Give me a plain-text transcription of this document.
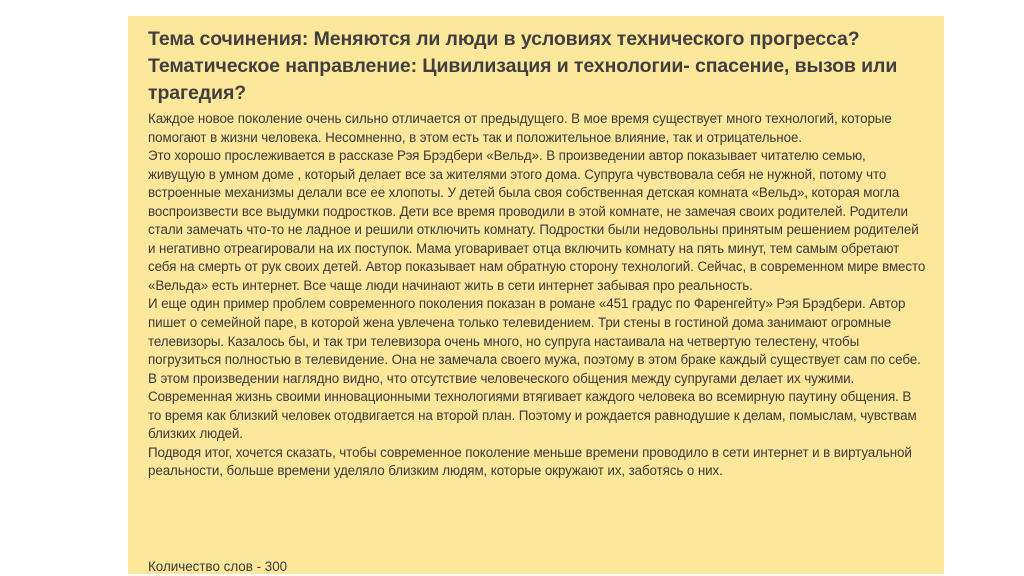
Тема сочинения: Меняются ли люди в условиях технического прогресса?
Тематическое направление: Цивилизация и технологии- спасение, вызов или трагедия?

Каждое новое поколение очень сильно отличается от предыдущего. В мое время существует много технологий, которые помогают в жизни человека. Несомненно, в этом есть так и положительное влияние, так и отрицательное.

Это хорошо прослеживается в рассказе Рэя Брэдбери «Вельд». В произведении автор показывает читателю семью, живущую в умном доме , который делает все за жителями этого дома. Супруга чувствовала себя не нужной, потому что встроенные механизмы делали все ее хлопоты. У детей была своя собственная детская комната «Вельд», которая могла воспроизвести все выдумки подростков. Дети все время проводили в этой комнате, не замечая своих родителей. Родители стали замечать что-то не ладное и решили отключить комнату. Подростки были недовольны принятым решением родителей и негативно отреагировали на их поступок. Мама уговаривает отца включить комнату на пять минут, тем самым обретают себя на смерть от рук своих детей. Автор показывает нам обратную сторону технологий. Сейчас, в современном мире вместо «Вельда» есть интернет. Все чаще люди начинают жить в сети интернет забывая про реальность.

И еще один пример проблем современного поколения показан в романе «451 градус по Фаренгейту» Рэя Брэдбери. Автор пишет о семейной паре, в которой жена увлечена только телевидением. Три стены в гостиной дома занимают огромные телевизоры. Казалось бы, и так три телевизора очень много, но супруга настаивала на четвертую телестену, чтобы погрузиться полностью в телевидение. Она не замечала своего мужа, поэтому в этом браке каждый существует сам по себе. В этом произведении наглядно видно, что отсутствие человеческого общения между супругами делает их чужими. Современная жизнь своими инновационными технологиями втягивает каждого человека во всемирную паутину общения. В то время как близкий человек отодвигается на второй план. Поэтому и рождается равнодушие к делам, помыслам, чувствам близких людей.

Подводя итог, хочется сказать, чтобы современное поколение меньше времени проводило в сети интернет и в виртуальной реальности, больше времени уделяло близким людям, которые окружают их, заботясь о них.

Количество слов - 300
